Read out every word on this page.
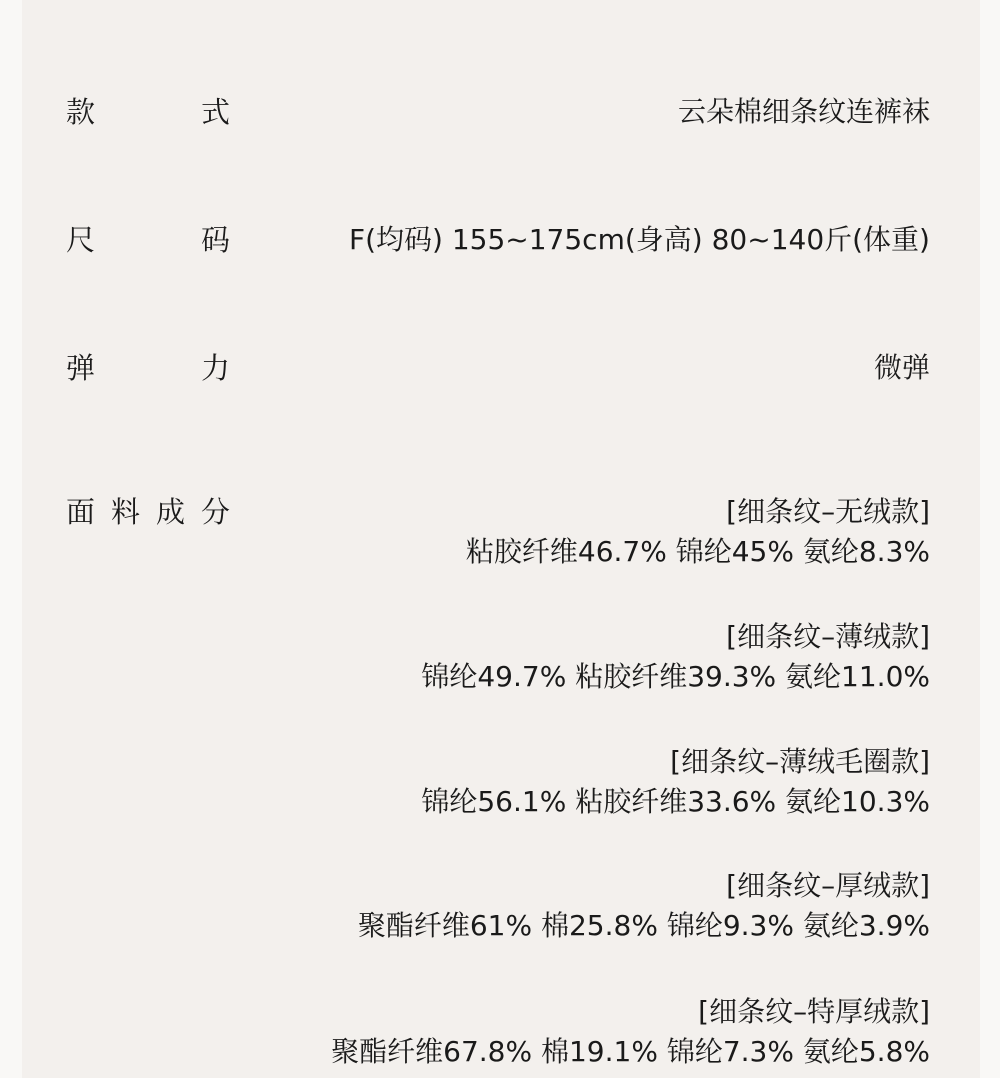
款	式	云朵棉细条纹连裤袜
尺	码	F(均码) 155~175cm(身高) 80~140斤(体重)
弹	力	微弹
面 料 成 分	[细条纹–无绒款]
粘胶纤维46.7% 锦纶45% 氨纶8.3%
[细条纹–薄绒款]
锦纶49.7% 粘胶纤维39.3% 氨纶11.0%
[细条纹–薄绒毛圈款]
锦纶56.1% 粘胶纤维33.6% 氨纶10.3%
[细条纹–厚绒款]
聚酯纤维61% 棉25.8% 锦纶9.3% 氨纶3.9%
[细条纹–特厚绒款]
聚酯纤维67.8% 棉19.1% 锦纶7.3% 氨纶5.8%
